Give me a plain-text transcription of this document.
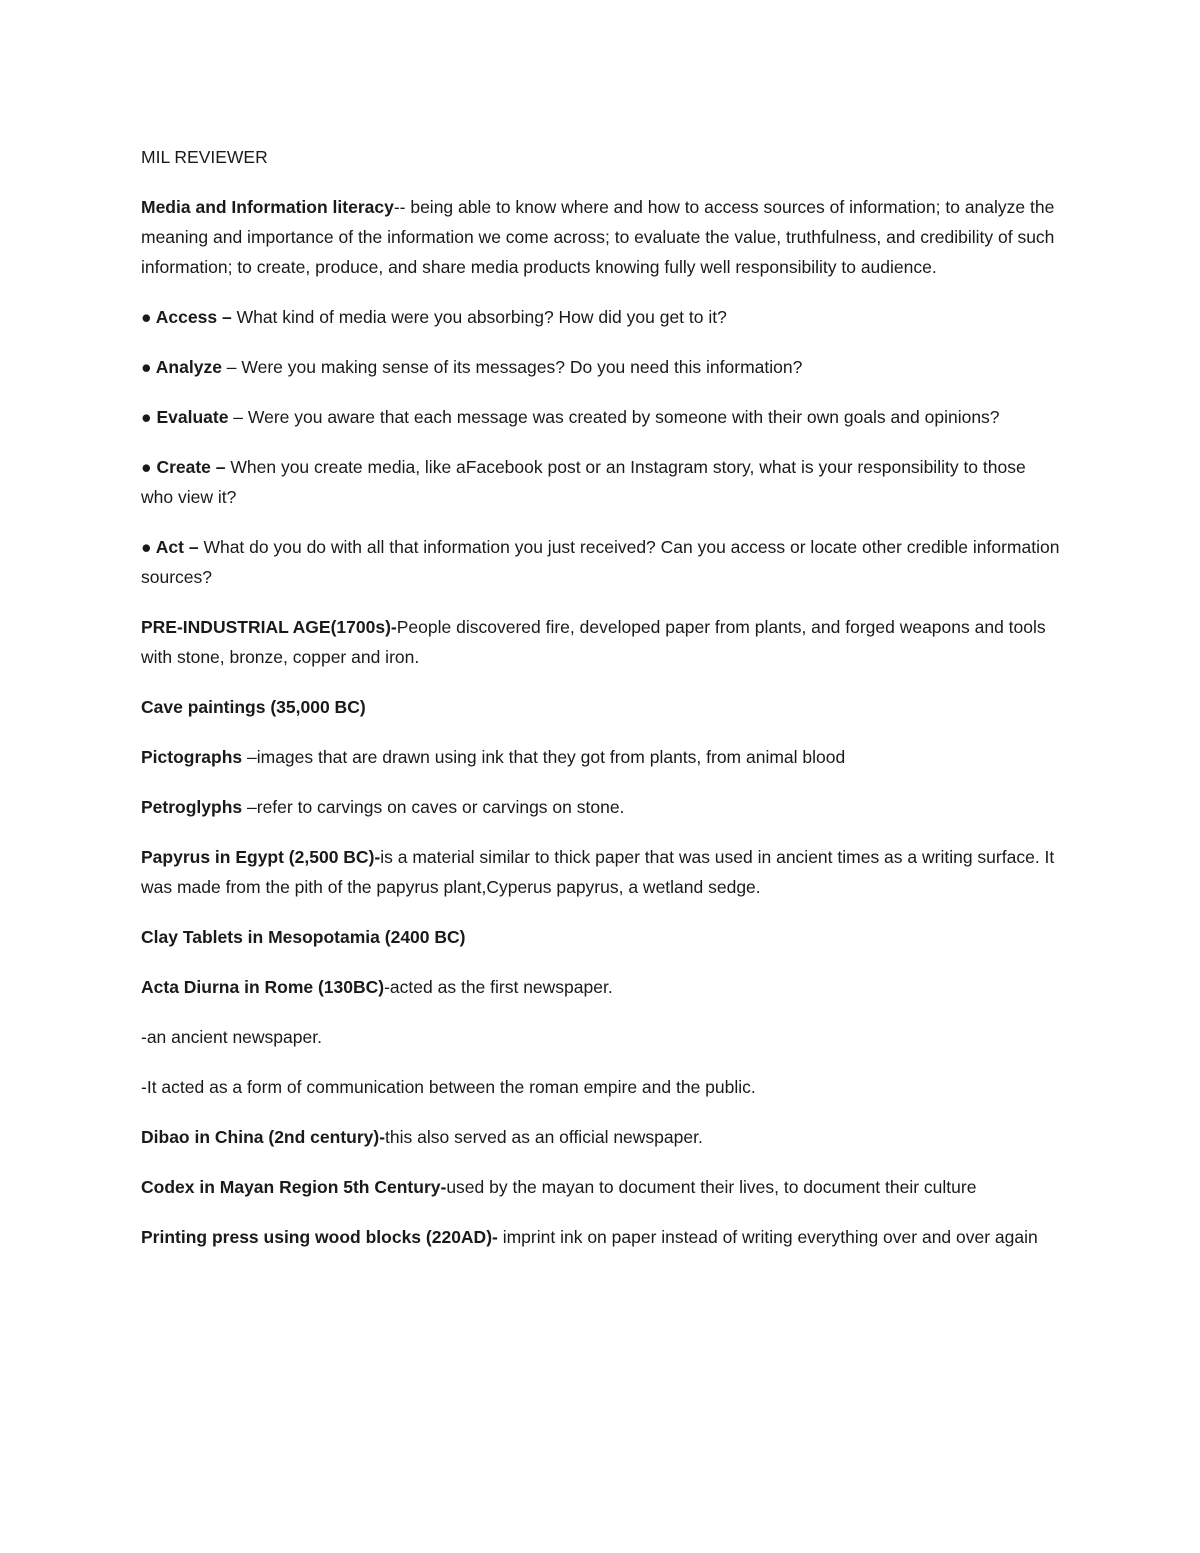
MIL REVIEWER

Media and Information literacy-- being able to know where and how to access sources of information; to analyze the meaning and importance of the information we come across; to evaluate the value, truthfulness, and credibility of such information; to create, produce, and share media products knowing fully well responsibility to audience.

● Access – What kind of media were you absorbing? How did you get to it?

● Analyze – Were you making sense of its messages? Do you need this information?

● Evaluate – Were you aware that each message was created by someone with their own goals and opinions?

● Create – When you create media, like aFacebook post or an Instagram story, what is your responsibility to those who view it?

● Act – What do you do with all that information you just received? Can you access or locate other credible information sources?

PRE-INDUSTRIAL AGE(1700s)-People discovered fire, developed paper from plants, and forged weapons and tools with stone, bronze, copper and iron.

Cave paintings (35,000 BC)

Pictographs –images that are drawn using ink that they got from plants, from animal blood

Petroglyphs –refer to carvings on caves or carvings on stone.

Papyrus in Egypt (2,500 BC)-is a material similar to thick paper that was used in ancient times as a writing surface. It was made from the pith of the papyrus plant,Cyperus papyrus, a wetland sedge.

Clay Tablets in Mesopotamia (2400 BC)

Acta Diurna in Rome (130BC)-acted as the first newspaper.

-an ancient newspaper.

-It acted as a form of communication between the roman empire and the public.

Dibao in China (2nd century)-this also served as an official newspaper.

Codex in Mayan Region 5th Century-used by the mayan to document their lives, to document their culture

Printing press using wood blocks (220AD)- imprint ink on paper instead of writing everything over and over again
